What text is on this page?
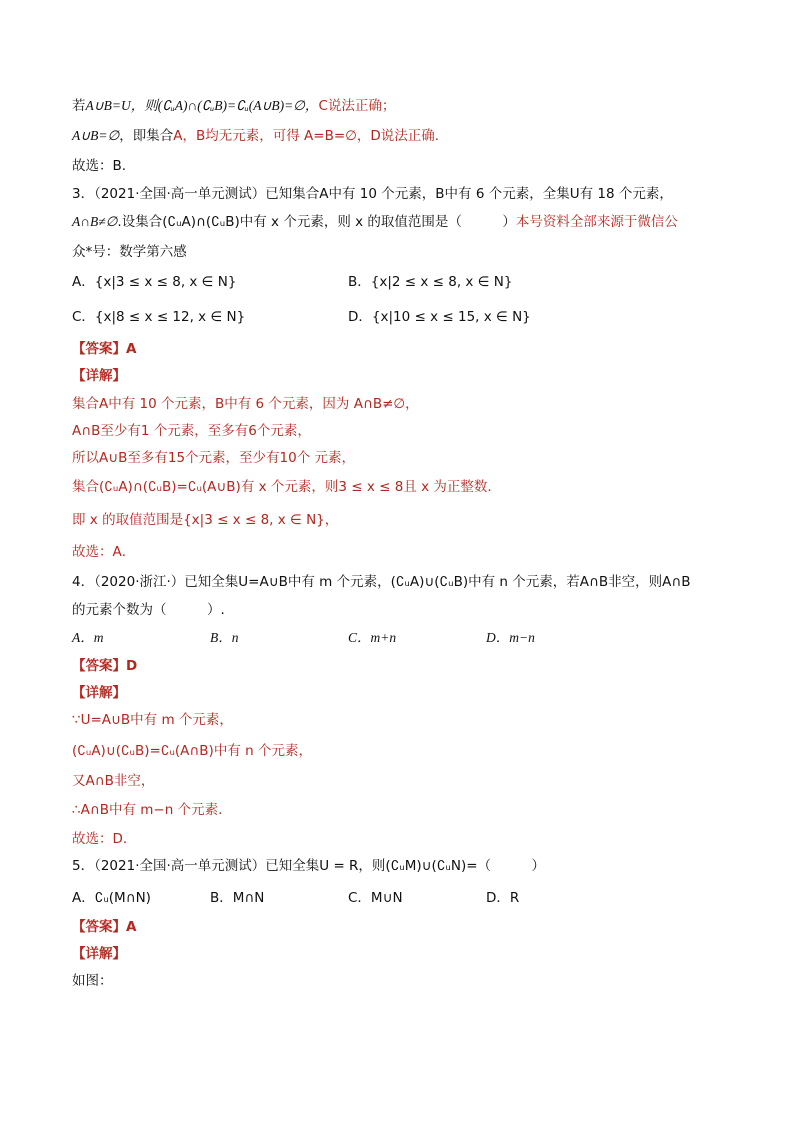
若A∪B=U，则(∁ᵤA)∩(∁ᵤB)=∁ᵤ(A∪B)=∅，C说法正确；
A∪B=∅，即集合A，B均无元素，可得 A=B=∅，D说法正确.
故选：B.
3．（2021·全国·高一单元测试）已知集合A中有 10 个元素，B中有 6 个元素，全集U有 18 个元素，
A∩B≠∅.设集合(∁ᵤA)∩(∁ᵤB)中有 x 个元素，则 x 的取值范围是（　　　）本号资料全部来源于微信公
众*号：数学第六感
A．{x|3 ≤ x ≤ 8, x ∈ N}	B．{x|2 ≤ x ≤ 8, x ∈ N}
C．{x|8 ≤ x ≤ 12, x ∈ N}	D．{x|10 ≤ x ≤ 15, x ∈ N}
【答案】A
【详解】
集合A中有 10 个元素，B中有 6 个元素，因为 A∩B≠∅，
A∩B至少有1 个元素，至多有6个元素，
所以A∪B至多有15个元素，至少有10个 元素，
集合(∁ᵤA)∩(∁ᵤB)=∁ᵤ(A∪B)有 x 个元素，则3 ≤ x ≤ 8且 x 为正整数.
即 x 的取值范围是{x|3 ≤ x ≤ 8, x ∈ N}，
故选：A．
4．（2020·浙江·）已知全集U=A∪B中有 m 个元素，(∁ᵤA)∪(∁ᵤB)中有 n 个元素，若A∩B非空，则A∩B
的元素个数为（　　　）.
A．m	B．n	C．m+n	D．m−n
【答案】D
【详解】
∵U=A∪B中有 m 个元素，
(∁ᵤA)∪(∁ᵤB)=∁ᵤ(A∩B)中有 n 个元素，
又A∩B非空，
∴A∩B中有 m−n 个元素.
故选：D．
5．（2021·全国·高一单元测试）已知全集U = R，则(∁ᵤM)∪(∁ᵤN)=（　　　）
A．∁ᵤ(M∩N)	B．M∩N	C．M∪N	D．R
【答案】A
【详解】
如图：
